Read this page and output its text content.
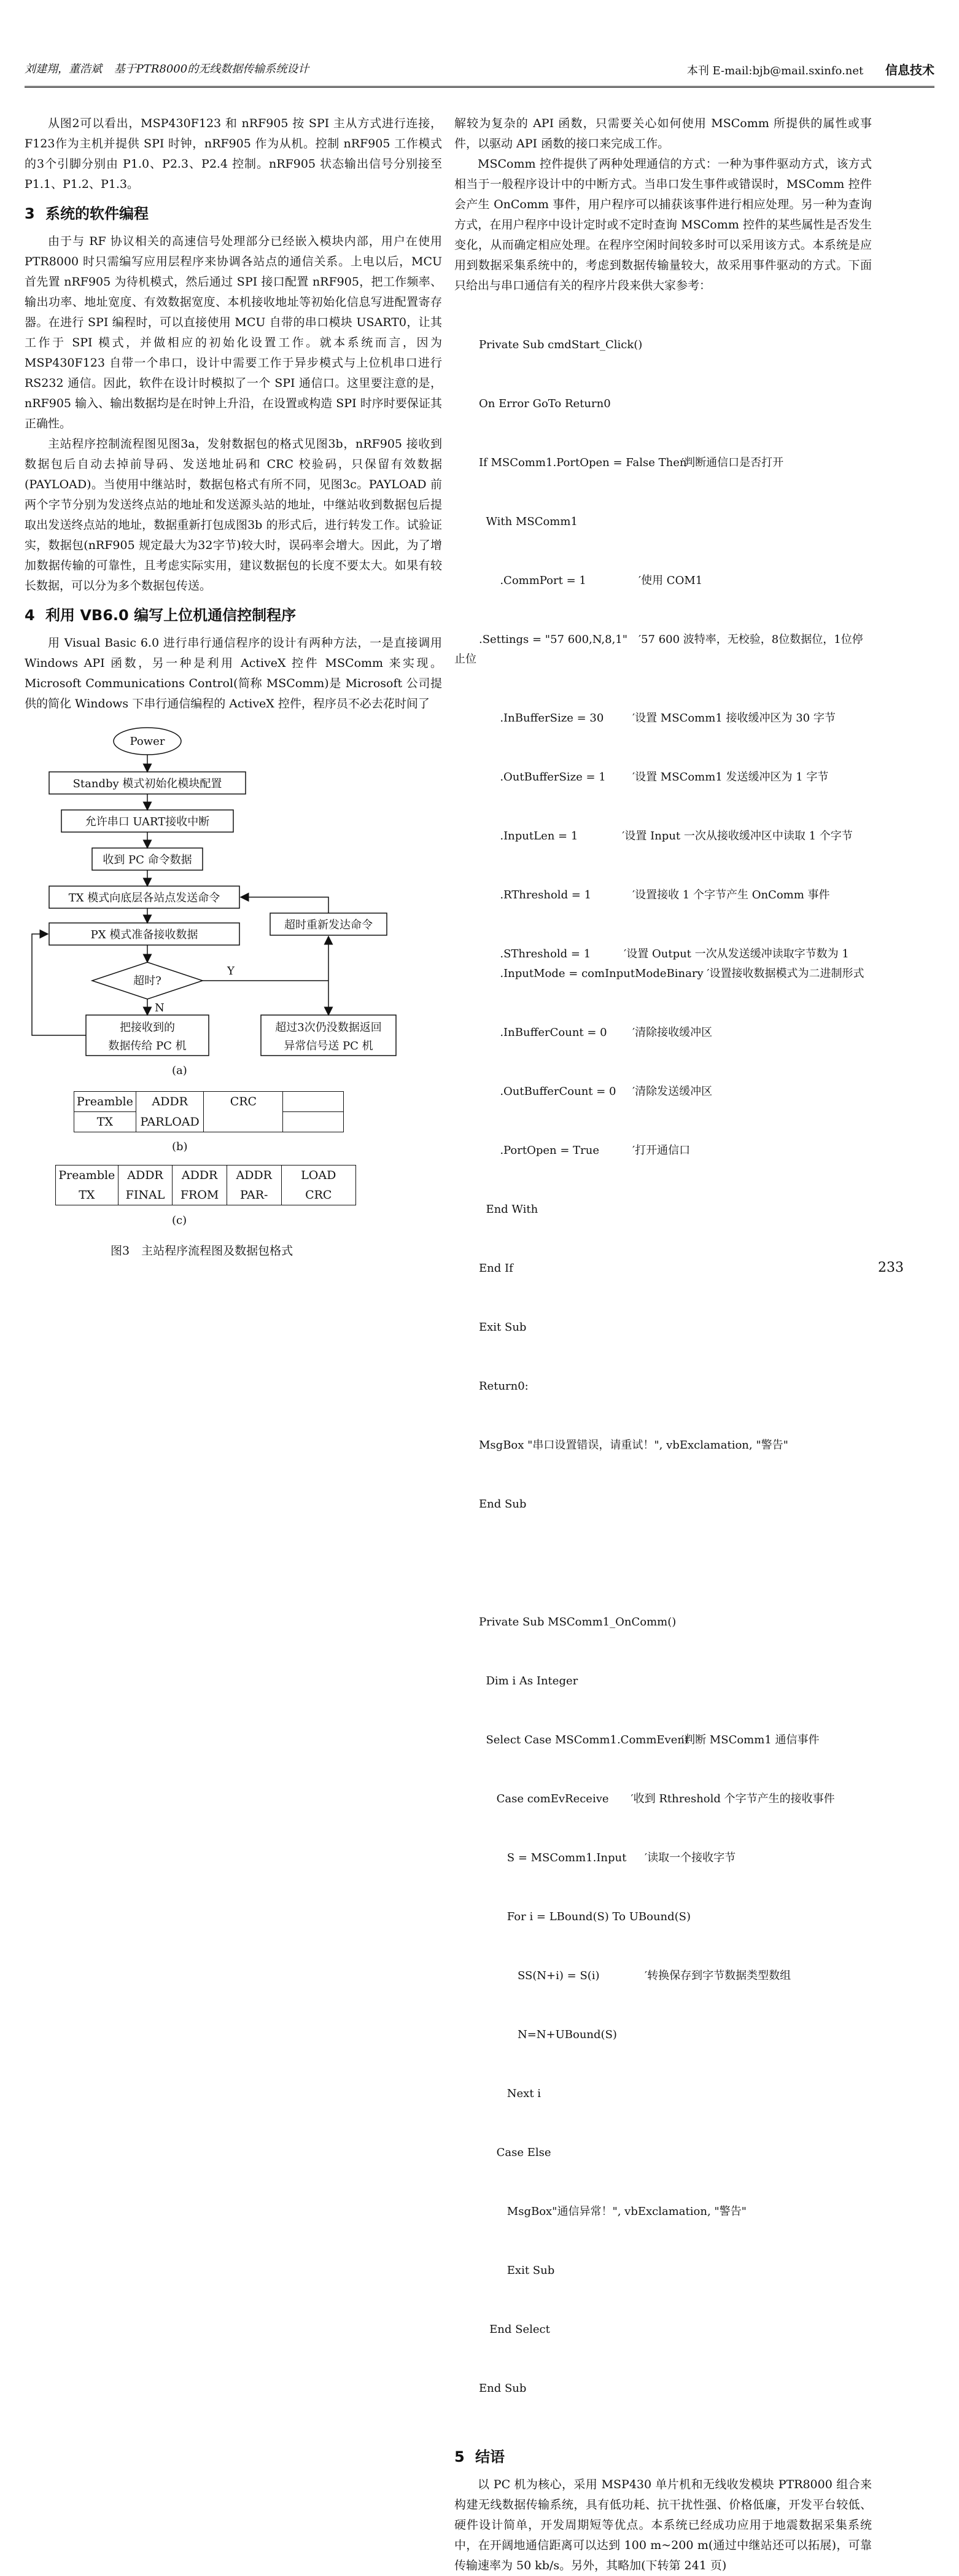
刘建翔，董浩斌 基于PTR8000的无线数据传输系统设计	本刊 E-mail:bjb@mail.sxinfo.net 信息技术

从图2可以看出，MSP430F123 和 nRF905 按 SPI 主从方式进行连接，F123作为主机并提供 SPI 时钟，nRF905 作为从机。控制 nRF905 工作模式的3个引脚分别由 P1.0、P2.3、P2.4 控制。nRF905 状态输出信号分别接至 P1.1、P1.2、P1.3。

3 系统的软件编程

由于与 RF 协议相关的高速信号处理部分已经嵌入模块内部，用户在使用 PTR8000 时只需编写应用层程序来协调各站点的通信关系。上电以后，MCU 首先置 nRF905 为待机模式，然后通过 SPI 接口配置 nRF905，把工作频率、输出功率、地址宽度、有效数据宽度、本机接收地址等初始化信息写进配置寄存器。在进行 SPI 编程时，可以直接使用 MCU 自带的串口模块 USART0，让其工作于 SPI 模式，并做相应的初始化设置工作。就本系统而言，因为 MSP430F123 自带一个串口，设计中需要工作于异步模式与上位机串口进行 RS232 通信。因此，软件在设计时模拟了一个 SPI 通信口。这里要注意的是，nRF905 输入、输出数据均是在时钟上升沿，在设置或构造 SPI 时序时要保证其正确性。

主站程序控制流程图见图3a，发射数据包的格式见图3b，nRF905 接收到数据包后自动去掉前导码、发送地址码和 CRC 校验码，只保留有效数据(PAYLOAD)。当使用中继站时，数据包格式有所不同，见图3c。PAYLOAD 前两个字节分别为发送终点站的地址和发送源头站的地址，中继站收到数据包后提取出发送终点站的地址，数据重新打包成图3b 的形式后，进行转发工作。试验证实，数据包(nRF905 规定最大为32字节)较大时，误码率会增大。因此，为了增加数据传输的可靠性，且考虑实际实用，建议数据包的长度不要太大。如果有较长数据，可以分为多个数据包传送。

4 利用 VB6.0 编写上位机通信控制程序

用 Visual Basic 6.0 进行串行通信程序的设计有两种方法，一是直接调用 Windows API 函数，另一种是利用 ActiveX 控件 MSComm 来实现。Microsoft Communications Control(简称 MSComm)是 Microsoft 公司提供的简化 Windows 下串行通信编程的 ActiveX 控件，程序员不必去花时间了

Power
Standby 模式初始化模块配置
允许串口 UART接收中断
收到 PC 命令数据
TX 模式向底层各站点发送命令
PX 模式准备接收数据
超时重新发达命令
超时?
Y
N
把接收到的
数据传给 PC 机
超过3次仍没数据返回
异常信号送 PC 机
(a)
Preamble	ADDR	CRC	
TX	PARLOAD		
(b)
Preamble	ADDR	ADDR	ADDR	LOAD
TX	FINAL	FROM	PAR-	CRC
(c)
图3　主站程序流程图及数据包格式

解较为复杂的 API 函数，只需要关心如何使用 MSComm 所提供的属性或事件，以驱动 API 函数的接口来完成工作。

MSComm 控件提供了两种处理通信的方式：一种为事件驱动方式，该方式相当于一般程序设计中的中断方式。当串口发生事件或错误时，MSComm 控件会产生 OnComm 事件，用户程序可以捕获该事件进行相应处理。另一种为查询方式，在用户程序中设计定时或不定时查询 MSComm 控件的某些属性是否发生变化，从而确定相应处理。在程序空闲时间较多时可以采用该方式。本系统是应用到数据采集系统中的，考虑到数据传输量较大，故采用事件驱动的方式。下面只给出与串口通信有关的程序片段来供大家参考：

Private Sub cmdStart_Click()

On Error GoTo Return0

If MSComm1.PortOpen = False Then
′判断通信口是否打开

With MSComm1

.CommPort = 1	′使用 COM1

.Settings = "57 600,N,8,1"　′57 600 波特率，无校验，8位数据位，1位停止位

.InBufferSize = 30	′设置 MSComm1 接收缓冲区为 30 字节

.OutBufferSize = 1 ′设置 MSComm1 发送缓冲区为 1 字节

.InputLen = 1　　　　′设置 Input 一次从接收缓冲区中读取 1 个字节

.RThreshold = 1	′设置接收 1 个字节产生 OnComm 事件

.SThreshold = 1　　　′设置 Output 一次从发送缓冲读取字节数为 1
.InputMode = comInputModeBinary ′设置接收数据模式为二进制形式

.InBufferCount = 0 ′清除接收缓冲区

.OutBufferCount = 0 ′清除发送缓冲区

.PortOpen = True	′打开通信口

End With

End If

Exit Sub

Return0:

MsgBox "串口设置错误，请重试！", vbExclamation, "警告"

End Sub

Private Sub MSComm1_OnComm()

Dim i As Integer

Select Case MSComm1.CommEvent
′判断 MSComm1 通信事件

Case comEvReceive　　′收到 Rthreshold 个字节产生的接收事件

S = MSComm1.Input ′读取一个接收字节

For i = LBound(S) To UBound(S)

SS(N+i) = S(i)	′转换保存到字节数据类型数组

N=N+UBound(S)

Next i

Case Else

MsgBox"通信异常！", vbExclamation, "警告"

Exit Sub

End Select

End Sub

5 结语

以 PC 机为核心，采用 MSP430 单片机和无线收发模块 PTR8000 组合来构建无线数据传输系统，具有低功耗、抗干扰性强、价格低廉，开发平台较低、硬件设计简单，开发周期短等优点。本系统已经成功应用于地震数据采集系统中，在开阔地通信距离可以达到 100 m~200 m(通过中继站还可以拓展)，可靠传输速率为 50 kb/s。另外，其略加(下转第 241 页)

233
